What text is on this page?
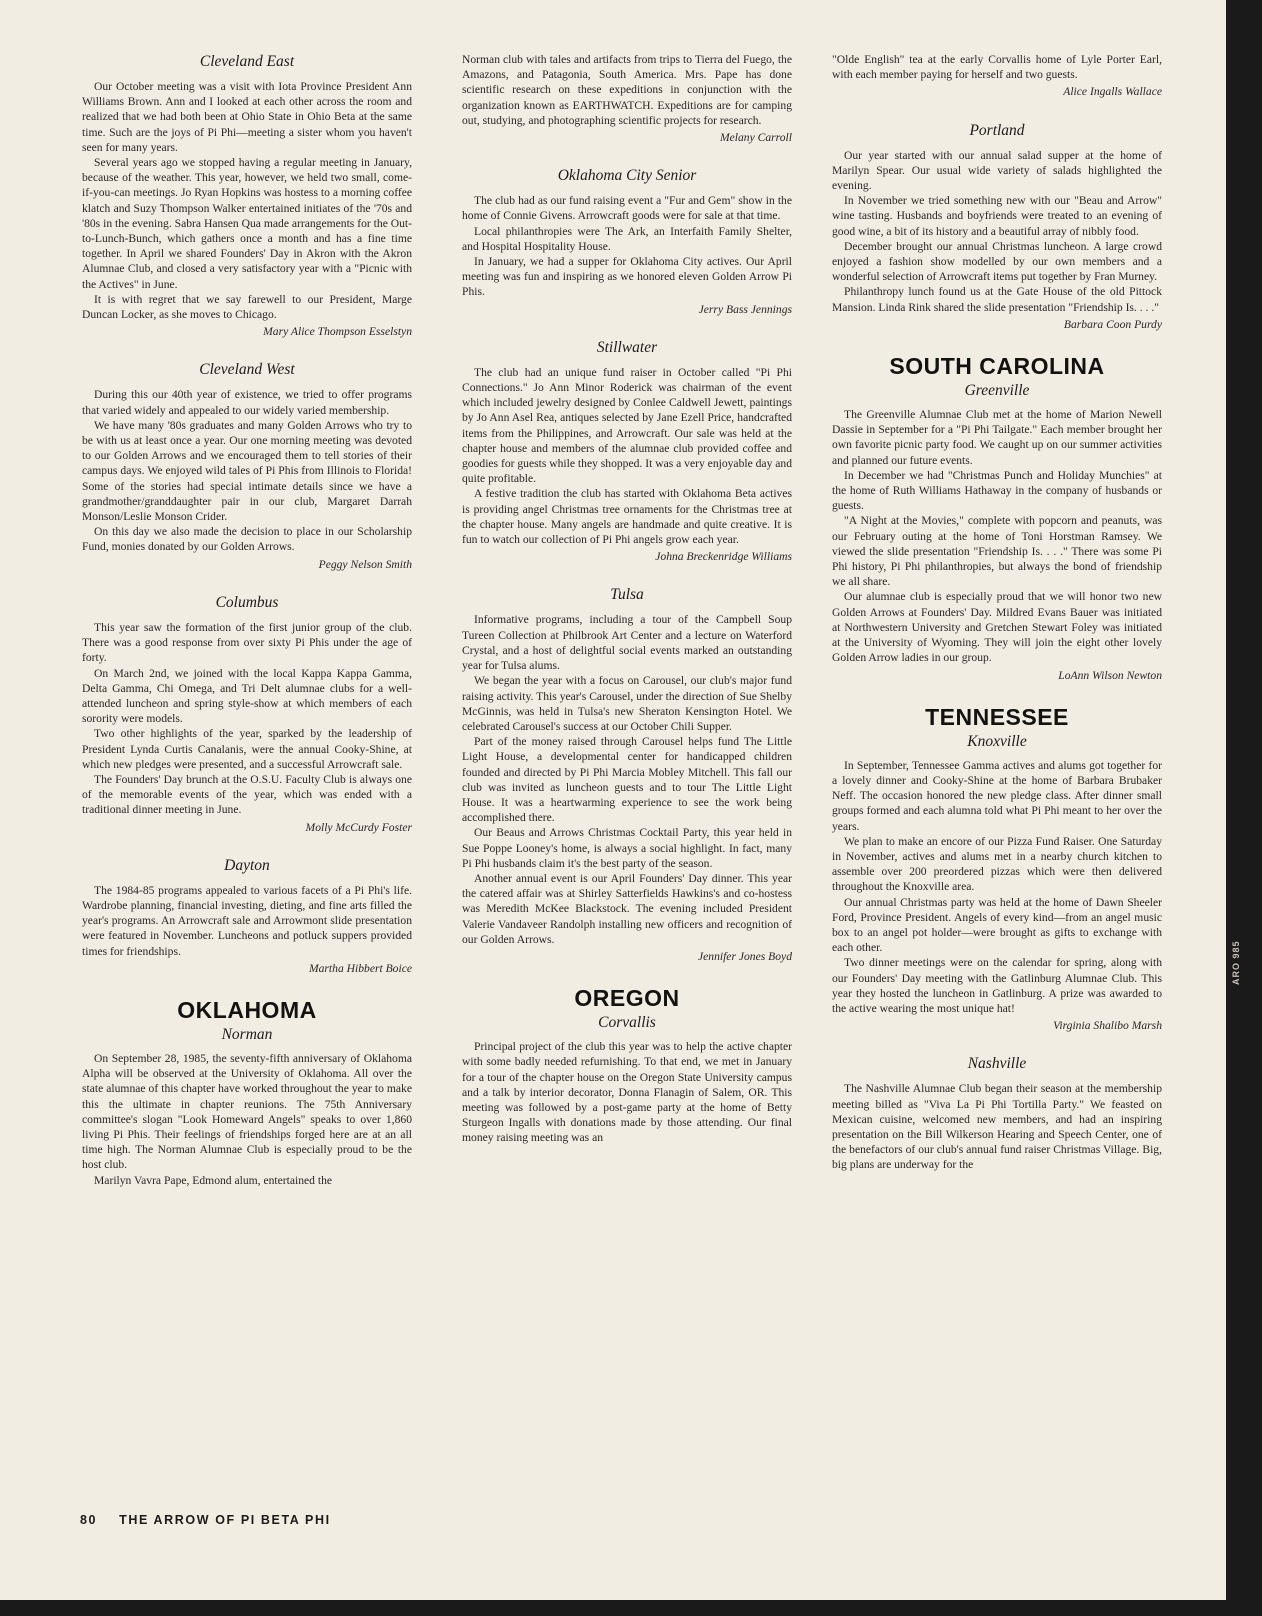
Cleveland East

Our October meeting was a visit with Iota Province President Ann Williams Brown. Ann and I looked at each other across the room and realized that we had both been at Ohio State in Ohio Beta at the same time. Such are the joys of Pi Phi—meeting a sister whom you haven't seen for many years.

Several years ago we stopped having a regular meeting in January, because of the weather. This year, however, we held two small, come-if-you-can meetings. Jo Ryan Hopkins was hostess to a morning coffee klatch and Suzy Thompson Walker entertained initiates of the '70s and '80s in the evening. Sabra Hansen Qua made arrangements for the Out-to-Lunch-Bunch, which gathers once a month and has a fine time together. In April we shared Founders' Day in Akron with the Akron Alumnae Club, and closed a very satisfactory year with a "Picnic with the Actives" in June.

It is with regret that we say farewell to our President, Marge Duncan Locker, as she moves to Chicago.

Mary Alice Thompson Esselstyn
Cleveland West

During this our 40th year of existence, we tried to offer programs that varied widely and appealed to our widely varied membership.

We have many '80s graduates and many Golden Arrows who try to be with us at least once a year. Our one morning meeting was devoted to our Golden Arrows and we encouraged them to tell stories of their campus days. We enjoyed wild tales of Pi Phis from Illinois to Florida! Some of the stories had special intimate details since we have a grandmother/granddaughter pair in our club, Margaret Darrah Monson/Leslie Monson Crider.

On this day we also made the decision to place in our Scholarship Fund, monies donated by our Golden Arrows.

Peggy Nelson Smith
Columbus

This year saw the formation of the first junior group of the club. There was a good response from over sixty Pi Phis under the age of forty.

On March 2nd, we joined with the local Kappa Kappa Gamma, Delta Gamma, Chi Omega, and Tri Delt alumnae clubs for a well-attended luncheon and spring style-show at which members of each sorority were models.

Two other highlights of the year, sparked by the leadership of President Lynda Curtis Canalanis, were the annual Cooky-Shine, at which new pledges were presented, and a successful Arrowcraft sale.

The Founders' Day brunch at the O.S.U. Faculty Club is always one of the memorable events of the year, which was ended with a traditional dinner meeting in June.

Molly McCurdy Foster
Dayton

The 1984-85 programs appealed to various facets of a Pi Phi's life. Wardrobe planning, financial investing, dieting, and fine arts filled the year's programs. An Arrowcraft sale and Arrowmont slide presentation were featured in November. Luncheons and potluck suppers provided times for friendships.

Martha Hibbert Boice
OKLAHOMA
Norman

On September 28, 1985, the seventy-fifth anniversary of Oklahoma Alpha will be observed at the University of Oklahoma. All over the state alumnae of this chapter have worked throughout the year to make this the ultimate in chapter reunions. The 75th Anniversary committee's slogan "Look Homeward Angels" speaks to over 1,860 living Pi Phis. Their feelings of friendships forged here are at an all time high. The Norman Alumnae Club is especially proud to be the host club.

Marilyn Vavra Pape, Edmond alum, entertained the

Norman club with tales and artifacts from trips to Tierra del Fuego, the Amazons, and Patagonia, South America. Mrs. Pape has done scientific research on these expeditions in conjunction with the organization known as EARTHWATCH. Expeditions are for camping out, studying, and photographing scientific projects for research.

Melany Carroll
Oklahoma City Senior

The club had as our fund raising event a "Fur and Gem" show in the home of Connie Givens. Arrowcraft goods were for sale at that time.

Local philanthropies were The Ark, an Interfaith Family Shelter, and Hospital Hospitality House.

In January, we had a supper for Oklahoma City actives. Our April meeting was fun and inspiring as we honored eleven Golden Arrow Pi Phis.

Jerry Bass Jennings
Stillwater

The club had an unique fund raiser in October called "Pi Phi Connections." Jo Ann Minor Roderick was chairman of the event which included jewelry designed by Conlee Caldwell Jewett, paintings by Jo Ann Asel Rea, antiques selected by Jane Ezell Price, handcrafted items from the Philippines, and Arrowcraft. Our sale was held at the chapter house and members of the alumnae club provided coffee and goodies for guests while they shopped. It was a very enjoyable day and quite profitable.

A festive tradition the club has started with Oklahoma Beta actives is providing angel Christmas tree ornaments for the Christmas tree at the chapter house. Many angels are handmade and quite creative. It is fun to watch our collection of Pi Phi angels grow each year.

Johna Breckenridge Williams
Tulsa

Informative programs, including a tour of the Campbell Soup Tureen Collection at Philbrook Art Center and a lecture on Waterford Crystal, and a host of delightful social events marked an outstanding year for Tulsa alums.

We began the year with a focus on Carousel, our club's major fund raising activity. This year's Carousel, under the direction of Sue Shelby McGinnis, was held in Tulsa's new Sheraton Kensington Hotel. We celebrated Carousel's success at our October Chili Supper.

Part of the money raised through Carousel helps fund The Little Light House, a developmental center for handicapped children founded and directed by Pi Phi Marcia Mobley Mitchell. This fall our club was invited as luncheon guests and to tour The Little Light House. It was a heartwarming experience to see the work being accomplished there.

Our Beaus and Arrows Christmas Cocktail Party, this year held in Sue Poppe Looney's home, is always a social highlight. In fact, many Pi Phi husbands claim it's the best party of the season.

Another annual event is our April Founders' Day dinner. This year the catered affair was at Shirley Satterfields Hawkins's and co-hostess was Meredith McKee Blackstock. The evening included President Valerie Vandaveer Randolph installing new officers and recognition of our Golden Arrows.

Jennifer Jones Boyd
OREGON
Corvallis

Principal project of the club this year was to help the active chapter with some badly needed refurnishing. To that end, we met in January for a tour of the chapter house on the Oregon State University campus and a talk by interior decorator, Donna Flanagin of Salem, OR. This meeting was followed by a post-game party at the home of Betty Sturgeon Ingalls with donations made by those attending. Our final money raising meeting was an

"Olde English" tea at the early Corvallis home of Lyle Porter Earl, with each member paying for herself and two guests.

Alice Ingalls Wallace
Portland

Our year started with our annual salad supper at the home of Marilyn Spear. Our usual wide variety of salads highlighted the evening.

In November we tried something new with our "Beau and Arrow" wine tasting. Husbands and boyfriends were treated to an evening of good wine, a bit of its history and a beautiful array of nibbly food.

December brought our annual Christmas luncheon. A large crowd enjoyed a fashion show modelled by our own members and a wonderful selection of Arrowcraft items put together by Fran Murney.

Philanthropy lunch found us at the Gate House of the old Pittock Mansion. Linda Rink shared the slide presentation "Friendship Is. . . ."

Barbara Coon Purdy
SOUTH CAROLINA
Greenville

The Greenville Alumnae Club met at the home of Marion Newell Dassie in September for a "Pi Phi Tailgate." Each member brought her own favorite picnic party food. We caught up on our summer activities and planned our future events.

In December we had "Christmas Punch and Holiday Munchies" at the home of Ruth Williams Hathaway in the company of husbands or guests.

"A Night at the Movies," complete with popcorn and peanuts, was our February outing at the home of Toni Horstman Ramsey. We viewed the slide presentation "Friendship Is. . . ." There was some Pi Phi history, Pi Phi philanthropies, but always the bond of friendship we all share.

Our alumnae club is especially proud that we will honor two new Golden Arrows at Founders' Day. Mildred Evans Bauer was initiated at Northwestern University and Gretchen Stewart Foley was initiated at the University of Wyoming. They will join the eight other lovely Golden Arrow ladies in our group.

LoAnn Wilson Newton
TENNESSEE
Knoxville

In September, Tennessee Gamma actives and alums got together for a lovely dinner and Cooky-Shine at the home of Barbara Brubaker Neff. The occasion honored the new pledge class. After dinner small groups formed and each alumna told what Pi Phi meant to her over the years.

We plan to make an encore of our Pizza Fund Raiser. One Saturday in November, actives and alums met in a nearby church kitchen to assemble over 200 preordered pizzas which were then delivered throughout the Knoxville area.

Our annual Christmas party was held at the home of Dawn Sheeler Ford, Province President. Angels of every kind—from an angel music box to an angel pot holder—were brought as gifts to exchange with each other.

Two dinner meetings were on the calendar for spring, along with our Founders' Day meeting with the Gatlinburg Alumnae Club. This year they hosted the luncheon in Gatlinburg. A prize was awarded to the active wearing the most unique hat!

Virginia Shalibo Marsh
Nashville

The Nashville Alumnae Club began their season at the membership meeting billed as "Viva La Pi Phi Tortilla Party." We feasted on Mexican cuisine, welcomed new members, and had an inspiring presentation on the Bill Wilkerson Hearing and Speech Center, one of the benefactors of our club's annual fund raiser Christmas Village. Big, big plans are underway for the

80 THE ARROW OF PI BETA PHI
ARO 985
